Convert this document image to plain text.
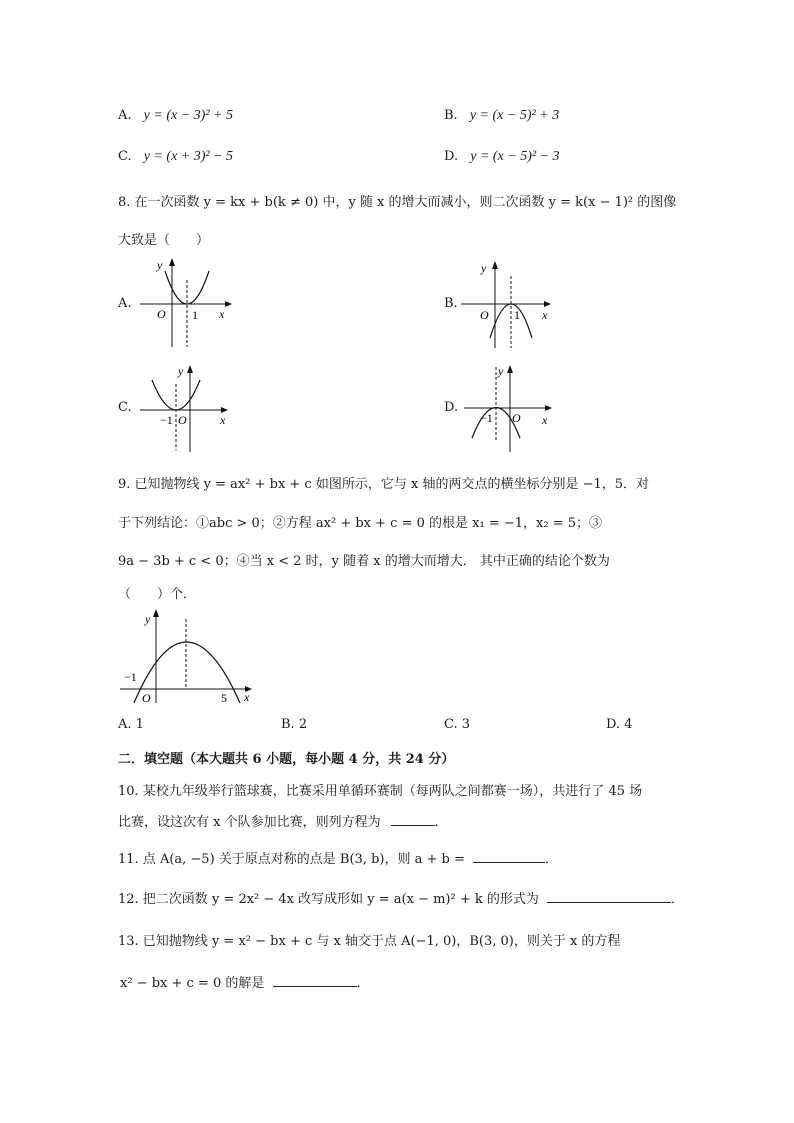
A. y = (x − 3)² + 5	B. y = (x − 5)² + 3
C. y = (x + 3)² − 5	D. y = (x − 5)² − 3
8. 在一次函数 y = kx + b(k ≠ 0) 中，y 随 x 的增大而减小，则二次函数 y = k(x − 1)² 的图像
大致是（　　）
A.
O 1 x
y
B.
O 1 x
y
C.
−1 O	x
y
D.
−1 O x
y
9. 已知抛物线 y = ax² + bx + c 如图所示，它与 x 轴的两交点的横坐标分别是 −1，5．对
于下列结论：①abc > 0；②方程 ax² + bx + c = 0 的根是 x₁ = −1，x₂ = 5；③
9a − 3b + c < 0；④当 x < 2 时，y 随着 x 的增大而增大． 其中正确的结论个数为
（　　）个．
O
−1
5 x
y
A. 1	B. 2	C. 3	D. 4
二．填空题（本大题共 6 小题，每小题 4 分，共 24 分）
10. 某校九年级举行篮球赛，比赛采用单循环赛制（每两队之间都赛一场），共进行了 45 场
比赛，设这次有 x 个队参加比赛，则列方程为	．
11. 点 A(a, −5) 关于原点对称的点是 B(3, b)，则 a + b =	．
12. 把二次函数 y = 2x² − 4x 改写成形如 y = a(x − m)² + k 的形式为	．
13. 已知抛物线 y = x² − bx + c 与 x 轴交于点 A(−1, 0)，B(3, 0)，则关于 x 的方程
x² − bx + c = 0 的解是	．
